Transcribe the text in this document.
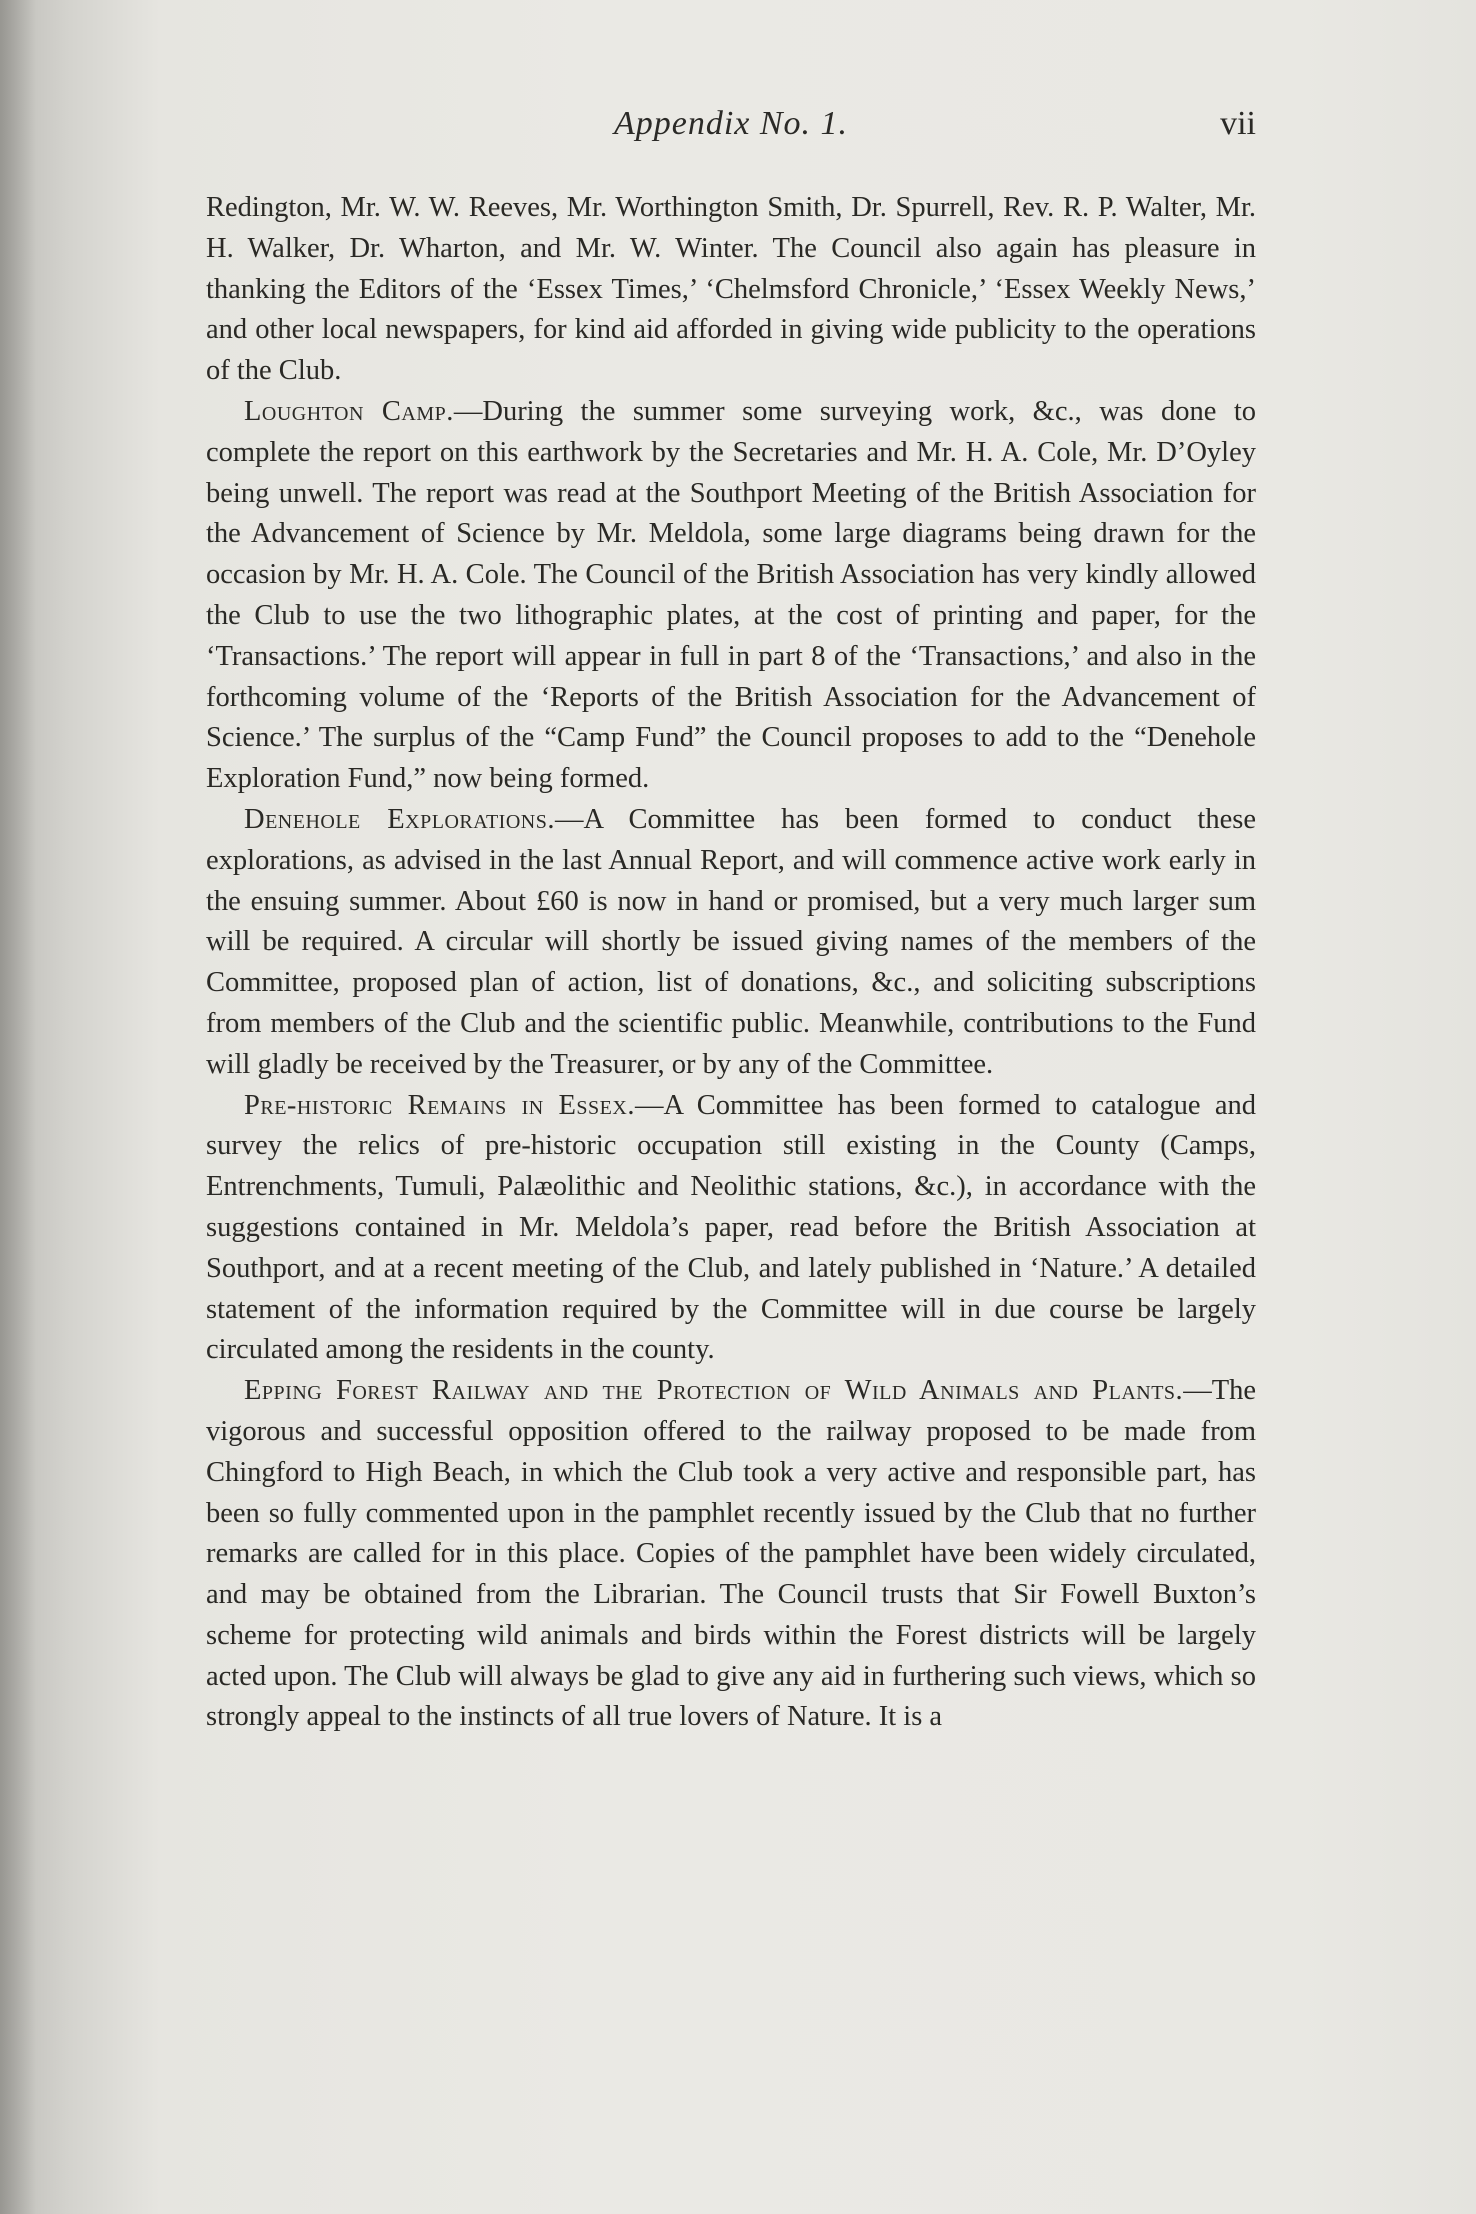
Appendix No. 1.	vii

Redington, Mr. W. W. Reeves, Mr. Worthington Smith, Dr. Spurrell, Rev. R. P. Walter, Mr. H. Walker, Dr. Wharton, and Mr. W. Winter. The Council also again has pleasure in thanking the Editors of the ‘Essex Times,’ ‘Chelmsford Chronicle,’ ‘Essex Weekly News,’ and other local newspapers, for kind aid afforded in giving wide publicity to the operations of the Club.

Loughton Camp.—During the summer some surveying work, &c., was done to complete the report on this earthwork by the Secretaries and Mr. H. A. Cole, Mr. D’Oyley being unwell. The report was read at the Southport Meeting of the British Association for the Advancement of Science by Mr. Meldola, some large diagrams being drawn for the occasion by Mr. H. A. Cole. The Council of the British Association has very kindly allowed the Club to use the two lithographic plates, at the cost of printing and paper, for the ‘Transactions.’ The report will appear in full in part 8 of the ‘Transactions,’ and also in the forthcoming volume of the ‘Reports of the British Association for the Advancement of Science.’ The surplus of the “Camp Fund” the Council proposes to add to the “Denehole Exploration Fund,” now being formed.

Denehole Explorations.—A Committee has been formed to conduct these explorations, as advised in the last Annual Report, and will commence active work early in the ensuing summer. About £60 is now in hand or promised, but a very much larger sum will be required. A circular will shortly be issued giving names of the members of the Committee, proposed plan of action, list of donations, &c., and soliciting subscriptions from members of the Club and the scientific public. Meanwhile, contributions to the Fund will gladly be received by the Treasurer, or by any of the Committee.

Pre-historic Remains in Essex.—A Committee has been formed to catalogue and survey the relics of pre-historic occupation still existing in the County (Camps, Entrenchments, Tumuli, Palæolithic and Neolithic stations, &c.), in accordance with the suggestions contained in Mr. Meldola’s paper, read before the British Association at Southport, and at a recent meeting of the Club, and lately published in ‘Nature.’ A detailed statement of the information required by the Committee will in due course be largely circulated among the residents in the county.

Epping Forest Railway and the Protection of Wild Animals and Plants.—The vigorous and successful opposition offered to the railway proposed to be made from Chingford to High Beach, in which the Club took a very active and responsible part, has been so fully commented upon in the pamphlet recently issued by the Club that no further remarks are called for in this place. Copies of the pamphlet have been widely circulated, and may be obtained from the Librarian. The Council trusts that Sir Fowell Buxton’s scheme for protecting wild animals and birds within the Forest districts will be largely acted upon. The Club will always be glad to give any aid in furthering such views, which so strongly appeal to the instincts of all true lovers of Nature. It is a
